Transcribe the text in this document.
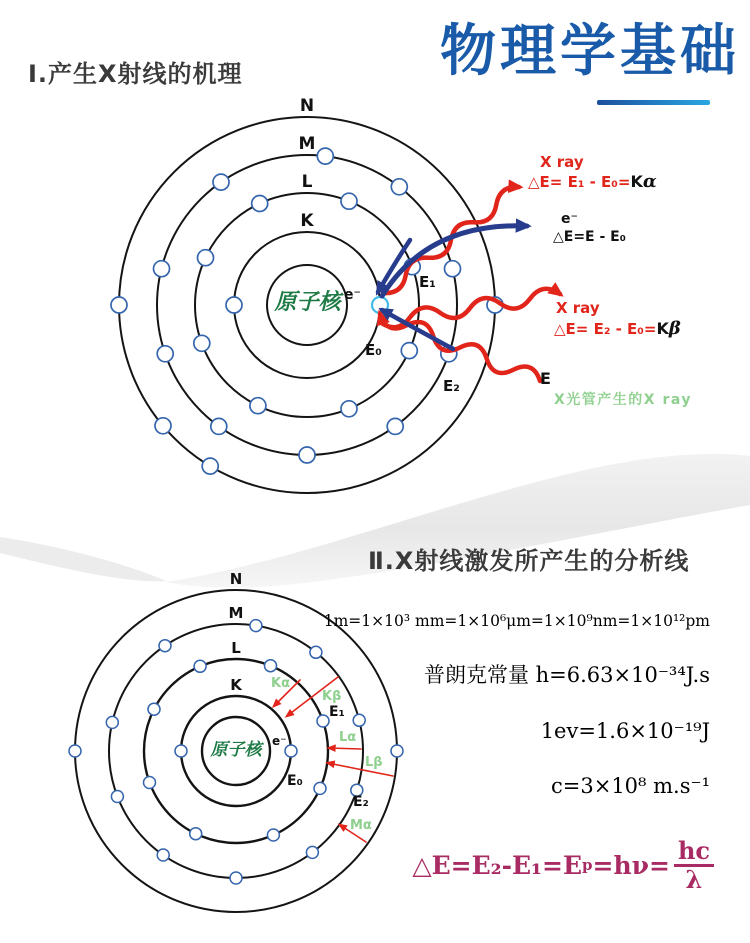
K
L
M
N
K
L
M
N
Ⅰ.产生X射线的机理	物理学基础
Ⅱ.X射线激发所产生的分析线
原子核 e⁻
E₁
E₀
E₂
X ray
△E= E₁ - E₀= K α
e⁻
△E=E - E₀
X ray
△E= E₂ - E₀= K β
E
X光管产生的X ray
原子核 e⁻
E₁
E₀
E₂
Kα
Kβ
Lα
Lβ
Mα
1m=1×10³ mm=1×10⁶μm=1×10⁹nm=1×10¹²pm
普朗克常量 h=6.63×10⁻³⁴J.s
1ev=1.6×10⁻¹⁹J
c=3×10⁸ m.s⁻¹
△E=E₂-E₁=E $p =h\nu= \frac{hc}{\lambda}$
